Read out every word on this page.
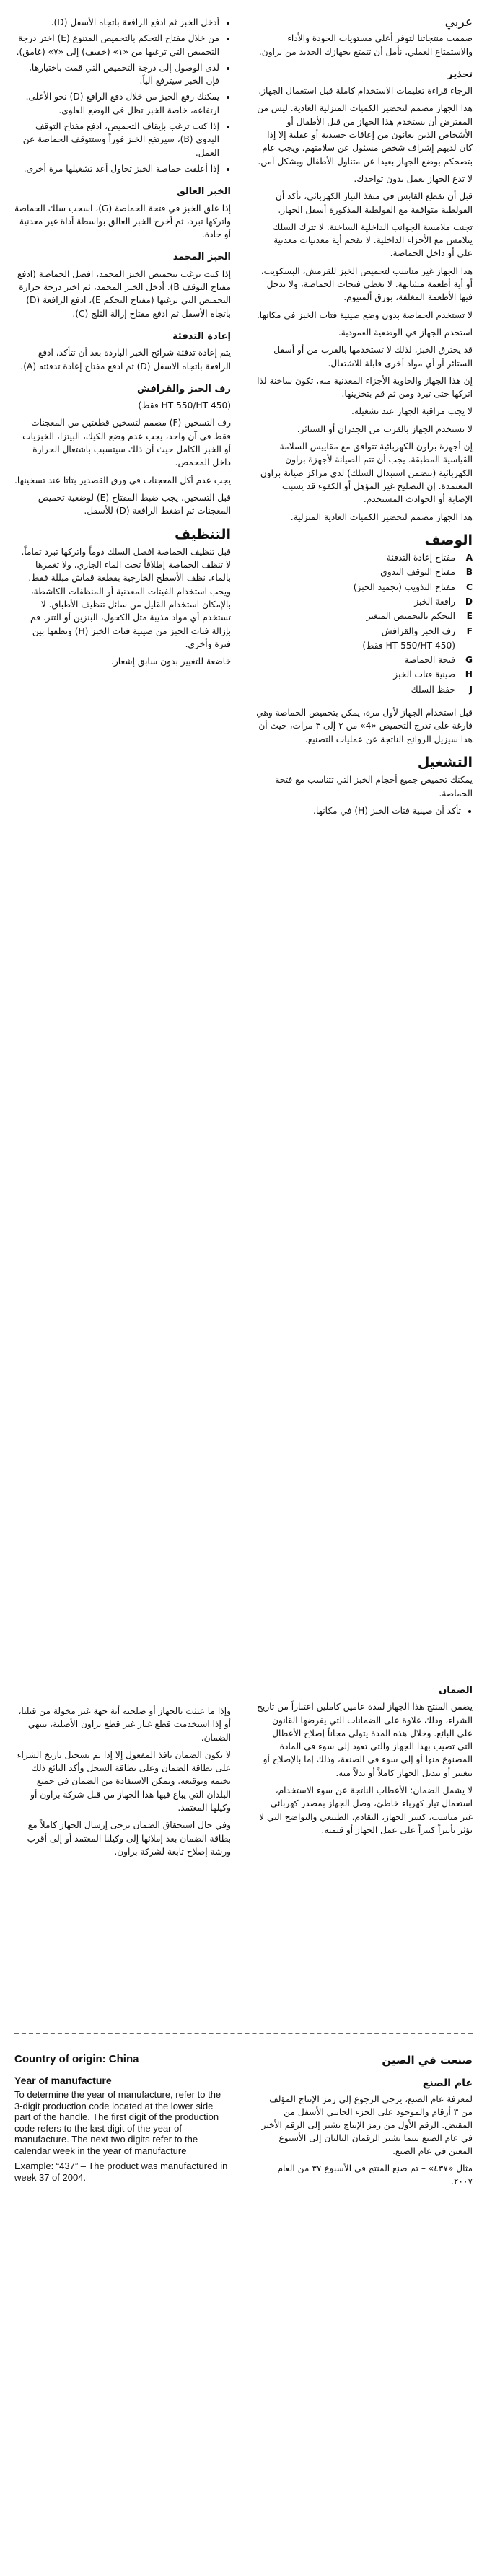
عربي

صممت منتجاتنا لتوفر أعلى مستويات الجودة والأداء والاستمتاع العملي. نأمل أن تتمتع بجهازك الجديد من براون.

تحذير

الرجاء قراءة تعليمات الاستخدام كاملة قبل استعمال الجهاز.

هذا الجهاز مصمم لتحضير الكميات المنزلية العادية. ليس من المفترض أن يستخدم هذا الجهاز من قبل الأطفال أو الأشخاص الذين يعانون من إعاقات جسدية أو عقلية إلا إذا كان لديهم إشراف شخص مسئول عن سلامتهم. ويجب عام بتصحكم بوضع الجهاز بعيدا عن متناول الأطفال وبشكل آمن.

لا تدع الجهاز يعمل بدون تواجدك.

قبل أن تقطع القابس في منفذ التيار الكهربائي، تأكد أن الفولطية متوافقة مع الفولطية المذكورة أسفل الجهاز.

تجنب ملامسة الجوانب الداخلية الساخنة. لا تترك السلك يتلامس مع الأجزاء الداخلية. لا تقحم أية معدنيات معدنية على أو داخل الحماصة.

هذا الجهاز غير مناسب لتحميص الخبز للقرمش، البسكويت، أو أية أطعمة مشابهة. لا تغطي فتحات الحماصة، ولا تدخل فيها الأطعمة المغلفة، بورق ألمنيوم.

لا تستخدم الحماصة بدون وضع صينية فتات الخبز في مكانها.

استخدم الجهاز في الوضعية العمودية.

قد يحترق الخبز، لذلك لا تستخدمها بالقرب من أو أسفل الستائر أو أي مواد أخرى قابلة للاشتعال.

إن هذا الجهاز والحاوية الأجزاء المعدنية منه، تكون ساخنة لذا اتركها حتى تبرد ومن ثم قم بتخزينها.

لا يجب مراقبة الجهاز عند تشغيله.

لا تستخدم الجهاز بالقرب من الجدران أو الستائر.

إن أجهزة براون الكهربائية تتوافق مع مقاييس السلامة القياسية المطبقة. يجب أن تتم الصيانة لأجهزة براون الكهربائية (تتضمن استبدال السلك) لدى مراكز صيانة براون المعتمدة. إن التصليح غير المؤهل أو الكفوء قد يسبب الإصابة أو الحوادث المستخدم.

هذا الجهاز مصمم لتحضير الكميات العادية المنزلية.

الوصف
A
مفتاح إعادة التدفئة
B
مفتاح التوقف اليدوي
C
مفتاح التذويب (تجميد الخبز)
D
رافعة الخبز
E
التحكم بالتحميص المتغير
F
رف الخبز والقرافش
(HT 550/HT 450 فقط)
G
فتحة الحماصة
H
صينية فتات الخبز
J
حفظ السلك

قبل استخدام الجهاز لأول مرة، يمكن بتحميص الحماصة وهي فارغة على تدرج التحميص «4» من ٢ إلى ٣ مرات، حيث أن هذا سيزيل الروائح الناتجة عن عمليات التصنيع.

التشغيل

يمكنك تحميص جميع أحجام الخبز التي تتناسب مع فتحة الحماصة.

• تأكد أن صينية فتات الخبز (H) في مكانها.
• أدخل الخبز ثم ادفع الرافعة باتجاه الأسفل (D).
• من خلال مفتاح التحكم بالتحميص المتنوع (E) اختر درجة التحميص التي ترغبها من «١» (خفيف) إلى «٧» (غامق).
• لدى الوصول إلى درجة التحميص التي قمت باختيارها، فإن الخبز سيترفع آلياً.
• يمكنك رفع الخبز من خلال دفع الرافع (D) نحو الأعلى. ارتفاعه، خاصة الخبز تظل في الوضع العلوي.
• إذا كنت ترغب بإيقاف التحميص، ادفع مفتاح التوقف اليدوي (B)، سيرتفع الخبز فوراً وستتوقف الحماصة عن العمل.
• إذا أعلقت حماصة الخبز تحاول أعد تشغيلها مرة أخرى.
الخبز العالق

إذا علق الخبز في فتحة الحماصة (G)، اسحب سلك الحماصة واتركها تبرد، ثم أخرج الخبز العالق بواسطة أداة غير معدنية أو حادة.

الخبز المجمد

إذا كنت ترغب بتحميص الخبز المجمد، افصل الحماصة (ادفع مفتاح التوقف B). أدخل الخبز المجمد، ثم اختر درجة حرارة التحميص التي ترغبها (مفتاح التحكم E)، ادفع الرافعة (D) باتجاه الأسفل ثم ادفع مفتاح إزالة الثلج (C).

إعادة التدفئة

يتم إعادة تدفئة شرائح الخبز الباردة بعد أن تتأكد، ادفع الرافعة باتجاه الاسفل (D) ثم ادفع مفتاح إعادة تدفئته (A).

رف الخبز والقرافش

(HT 550/HT 450 فقط)

رف التسخين (F) مصمم لتسخين قطعتين من المعجنات فقط في آن واحد، يجب عدم وضع الكيك، البيتزا، الخبزيات أو الخبز الكامل حيث أن ذلك سيتسبب باشتعال الحرارة داخل المحمص.

يجب عدم أكل المعجنات في ورق القصدير بتاتا عند تسخينها.

قبل التسخين، يجب ضبط المفتاح (E) لوضعية تحميص المعجنات ثم اضغط الرافعة (D) للأسفل.

التنظيف

قبل تنظيف الحماصة افصل السلك دوماً واتركها تبرد تماماً. لا تنظف الحماصة إطلاقاً تحت الماء الجاري، ولا تغمرها بالماء. نظف الأسطح الخارجية بقطعة قماش مبللة فقط، ويجب استخدام الفيتات المعدنية أو المنظفات الكاشطة، بالإمكان استخدام القليل من سائل تنظيف الأطباق. لا تستخدم أي مواد مذيبة مثل الكحول، البنزين أو التنر. قم بإزالة فتات الخبز من صينية فتات الخبز (H) ونظفها بين فترة وأخرى.

خاضعة للتغيير بدون سابق إشعار.

الضمان

يضمن المنتج هذا الجهاز لمدة عامين كاملين اعتباراً من تاريخ الشراء، وذلك علاوة على الضمانات التي يفرضها القانون على البائع. وخلال هذه المدة يتولى مجاناً إصلاح الأعطال التي تصيب بهذا الجهاز والتي تعود إلى سوء في المادة المصنوع منها أو إلى سوء في الصنعة، وذلك إما بالإصلاح أو بتغيير أو تبديل الجهاز كاملاً أو بدلاً منه.

لا يشمل الضمان: الأعطاب الناتجة عن سوء الاستخدام، استعمال تيار كهرباء خاطئ، وصل الجهاز بمصدر كهربائي غير مناسب، كسر الجهاز، التقادم، الطبيعي والتواضح التي لا تؤثر تأثيراً كبيراً على عمل الجهاز أو قيمته.

وإذا ما عبثت بالجهاز أو صلحته أية جهة غير مخولة من قبلنا، أو إذا استخدمت قطع غيار غير قطع براون الأصلية، ينتهي الضمان.

لا يكون الضمان نافذ المفعول إلا إذا تم تسجيل تاريخ الشراء على بطاقة الضمان وعلى بطاقة السجل وأكد البائع ذلك بختمه وتوقيعه. ويمكن الاستفادة من الضمان في جميع البلدان التي يباع فيها هذا الجهاز من قبل شركة براون أو وكيلها المعتمد.

وفي حال استحقاق الضمان يرجى إرسال الجهاز كاملاً مع بطاقة الضمان بعد إملائها إلى وكيلنا المعتمد أو إلى أقرب ورشة إصلاح تابعة لشركة براون.

Country of origin: China
Year of manufacture

To determine the year of manufacture, refer to the 3-digit production code located at the lower side part of the handle. The first digit of the production code refers to the last digit of the year of manufacture. The next two digits refer to the calendar week in the year of manufacture

Example: “437” – The product was manufactured in week 37 of 2004.

صنعت في الصين
عام الصنع

لمعرفة عام الصنع، يرجى الرجوع إلى رمز الإنتاج المؤلف من ٣ أرقام والموجود على الجزء الجانبي الأسفل من المقبض. الرقم الأول من رمز الإنتاج يشير إلى الرقم الأخير في عام الصنع بينما يشير الرقمان التاليان إلى الأسبوع المعين في عام الصنع.

مثال «٤٣٧» – تم صنع المنتج في الأسبوع ٣٧ من العام ٢٠٠٧.
